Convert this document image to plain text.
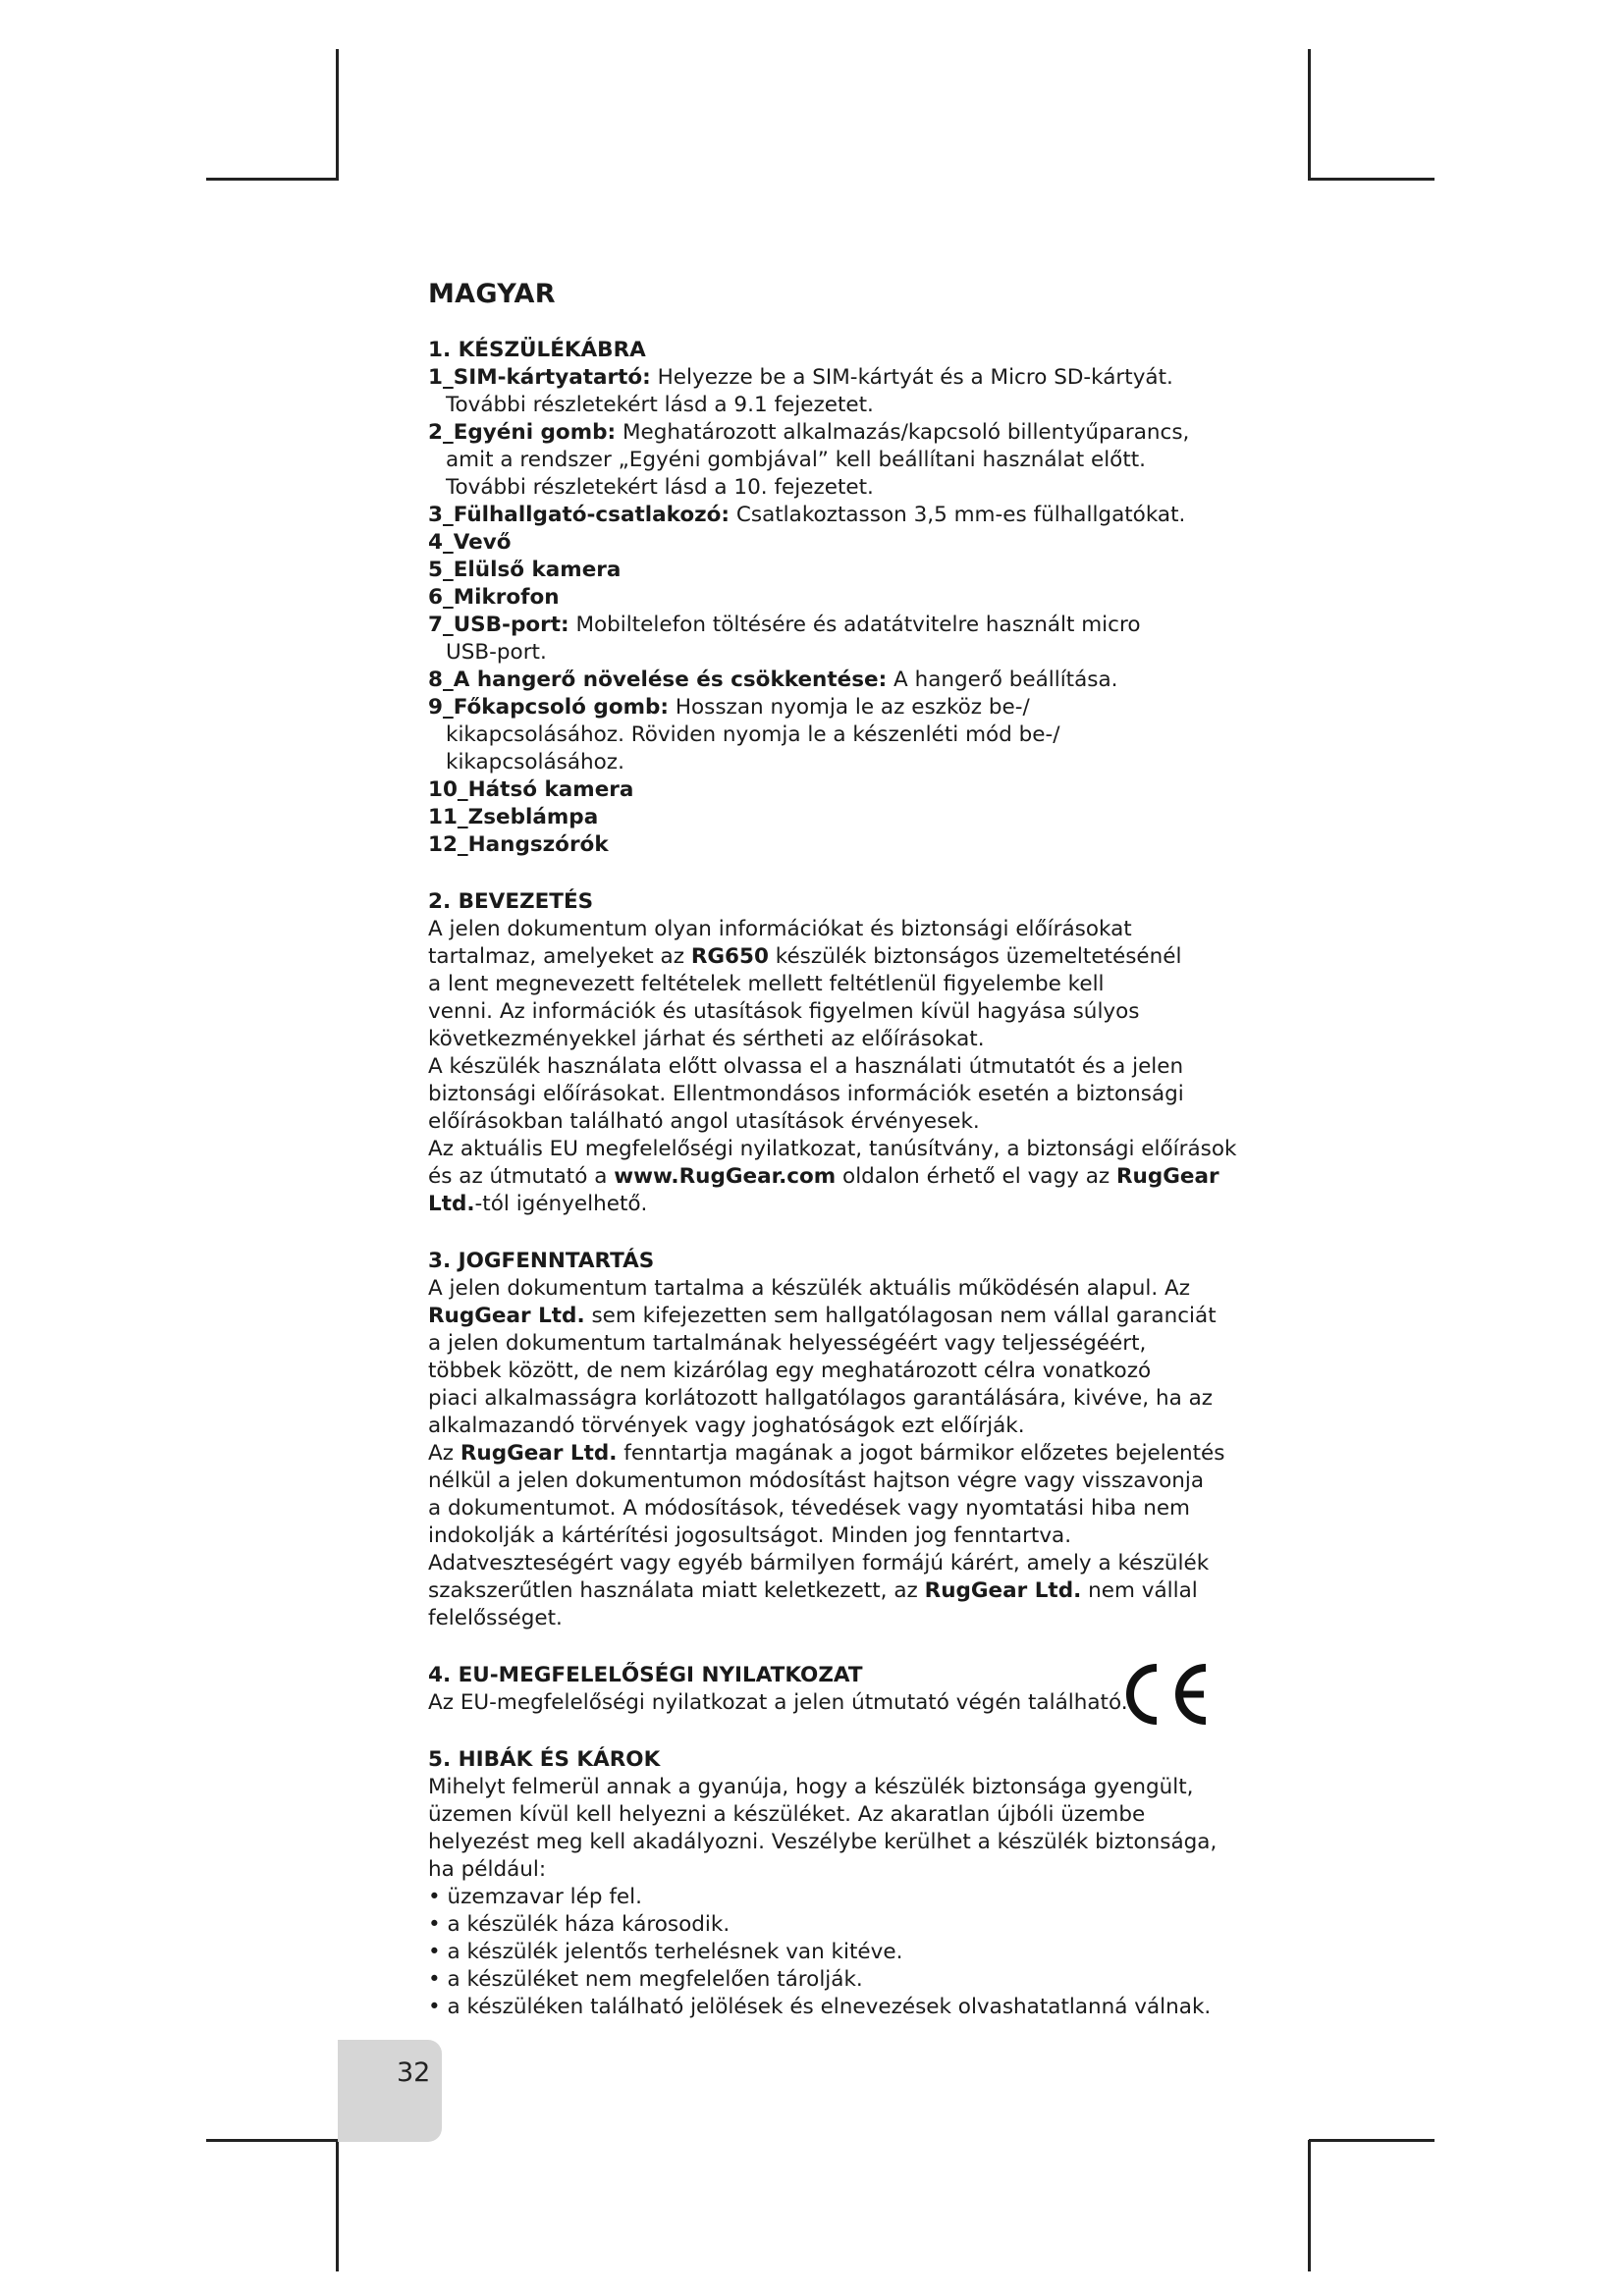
MAGYAR
1. KÉSZÜLÉKÁBRA
1_SIM-kártyatartó: Helyezze be a SIM-kártyát és a Micro SD-kártyát.
További részletekért lásd a 9.1 fejezetet.
2_Egyéni gomb: Meghatározott alkalmazás/kapcsoló billentyűparancs,
amit a rendszer „Egyéni gombjával” kell beállítani használat előtt.
További részletekért lásd a 10. fejezetet.
3_Fülhallgató-csatlakozó: Csatlakoztasson 3,5 mm-es fülhallgatókat.
4_Vevő
5_Elülső kamera
6_Mikrofon
7_USB-port: Mobiltelefon töltésére és adatátvitelre használt micro
USB-port.
8_A hangerő növelése és csökkentése: A hangerő beállítása.
9_Főkapcsoló gomb: Hosszan nyomja le az eszköz be-/
kikapcsolásához. Röviden nyomja le a készenléti mód be-/
kikapcsolásához.
10_Hátsó kamera
11_Zseblámpa
12_Hangszórók
2. BEVEZETÉS
A jelen dokumentum olyan információkat és biztonsági előírásokat
tartalmaz, amelyeket az RG650 készülék biztonságos üzemeltetésénél
a lent megnevezett feltételek mellett feltétlenül figyelembe kell
venni. Az információk és utasítások figyelmen kívül hagyása súlyos
következményekkel járhat és sértheti az előírásokat.
A készülék használata előtt olvassa el a használati útmutatót és a jelen
biztonsági előírásokat. Ellentmondásos információk esetén a biztonsági
előírásokban található angol utasítások érvényesek.
Az aktuális EU megfelelőségi nyilatkozat, tanúsítvány, a biztonsági előírások
és az útmutató a www.RugGear.com oldalon érhető el vagy az RugGear
Ltd.-tól igényelhető.
3. JOGFENNTARTÁS
A jelen dokumentum tartalma a készülék aktuális működésén alapul. Az
RugGear Ltd. sem kifejezetten sem hallgatólagosan nem vállal garanciát
a jelen dokumentum tartalmának helyességéért vagy teljességéért,
többek között, de nem kizárólag egy meghatározott célra vonatkozó
piaci alkalmasságra korlátozott hallgatólagos garantálására, kivéve, ha az
alkalmazandó törvények vagy joghatóságok ezt előírják.
Az RugGear Ltd. fenntartja magának a jogot bármikor előzetes bejelentés
nélkül a jelen dokumentumon módosítást hajtson végre vagy visszavonja
a dokumentumot. A módosítások, tévedések vagy nyomtatási hiba nem
indokolják a kártérítési jogosultságot. Minden jog fenntartva.
Adatveszteségért vagy egyéb bármilyen formájú kárért, amely a készülék
szakszerűtlen használata miatt keletkezett, az RugGear Ltd. nem vállal
felelősséget.
4. EU-MEGFELELŐSÉGI NYILATKOZAT
Az EU-megfelelőségi nyilatkozat a jelen útmutató végén található.
5. HIBÁK ÉS KÁROK
Mihelyt felmerül annak a gyanúja, hogy a készülék biztonsága gyengült,
üzemen kívül kell helyezni a készüléket. Az akaratlan újbóli üzembe
helyezést meg kell akadályozni. Veszélybe kerülhet a készülék biztonsága,
ha például:
• üzemzavar lép fel.
• a készülék háza károsodik.
• a készülék jelentős terhelésnek van kitéve.
• a készüléket nem megfelelően tárolják.
• a készüléken található jelölések és elnevezések olvashatatlanná válnak.
32
